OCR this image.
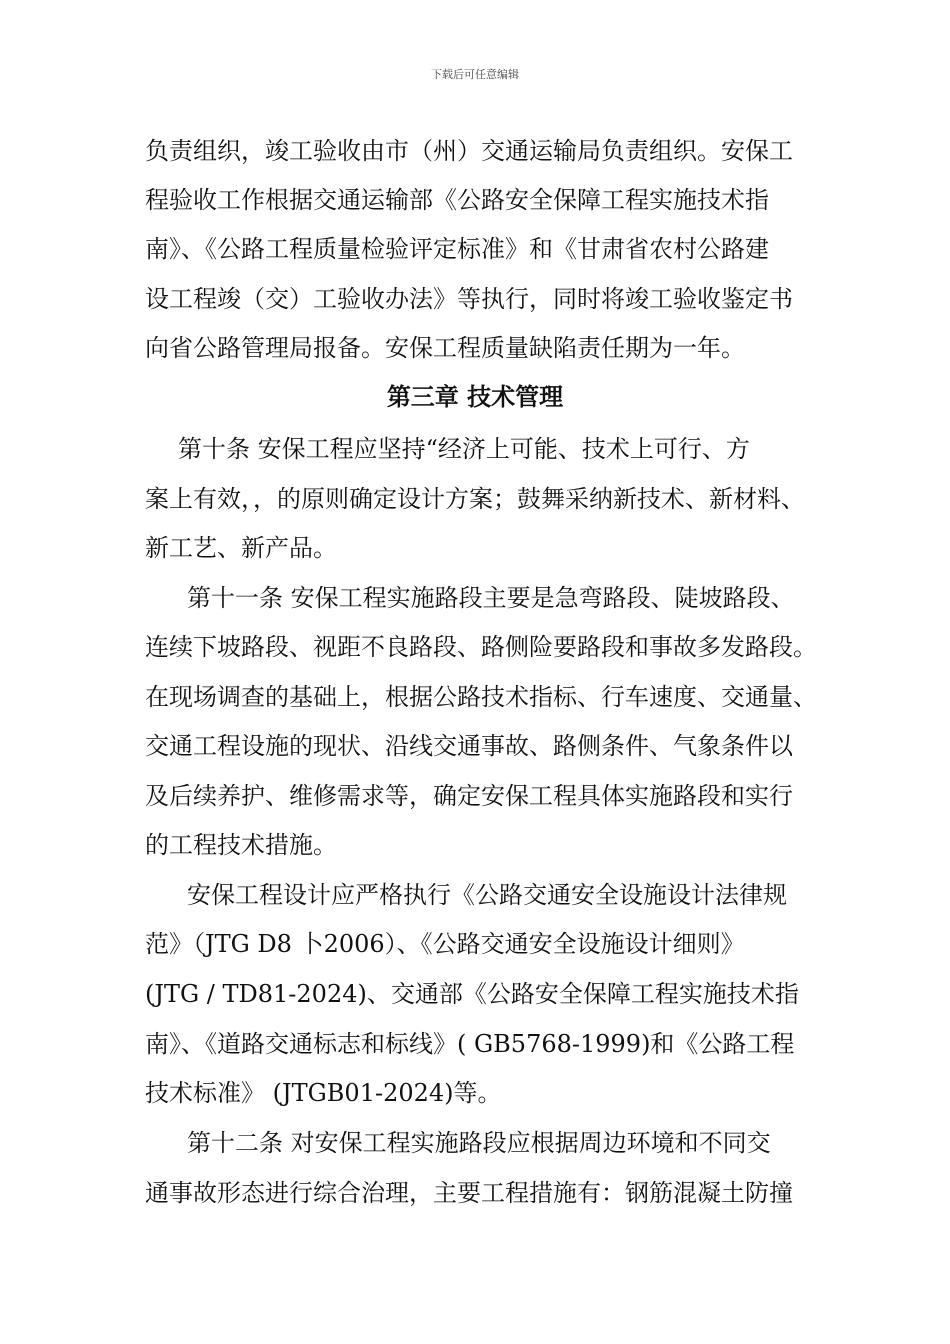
下载后可任意编辑
负责组织，竣工验收由市（州）交通运输局负责组织。安保工
程验收工作根据交通运输部《公路安全保障工程实施技术指
南》、《公路工程质量检验评定标准》和《甘肃省农村公路建
设工程竣（交）工验收办法》等执行，同时将竣工验收鉴定书
向省公路管理局报备。安保工程质量缺陷责任期为一年。
第三章 技术管理
第十条 安保工程应坚持“经济上可能、技术上可行、方
案上有效，，的原则确定设计方案；鼓舞采纳新技术、新材料、
新工艺、新产品。
第十一条 安保工程实施路段主要是急弯路段、陡坡路段、
连续下坡路段、视距不良路段、路侧险要路段和事故多发路段。
在现场调查的基础上，根据公路技术指标、行车速度、交通量、
交通工程设施的现状、沿线交通事故、路侧条件、气象条件以
及后续养护、维修需求等，确定安保工程具体实施路段和实行
的工程技术措施。
安保工程设计应严格执行《公路交通安全设施设计法律规
范》（JTG D8 卜2006）、《公路交通安全设施设计细则》
(JTG / TD81-2024)、交通部《公路安全保障工程实施技术指
南》、《道路交通标志和标线》( GB5768-1999)和《公路工程
技术标准》 (JTGB01-2024)等。
第十二条 对安保工程实施路段应根据周边环境和不同交
通事故形态进行综合治理，主要工程措施有：钢筋混凝土防撞
